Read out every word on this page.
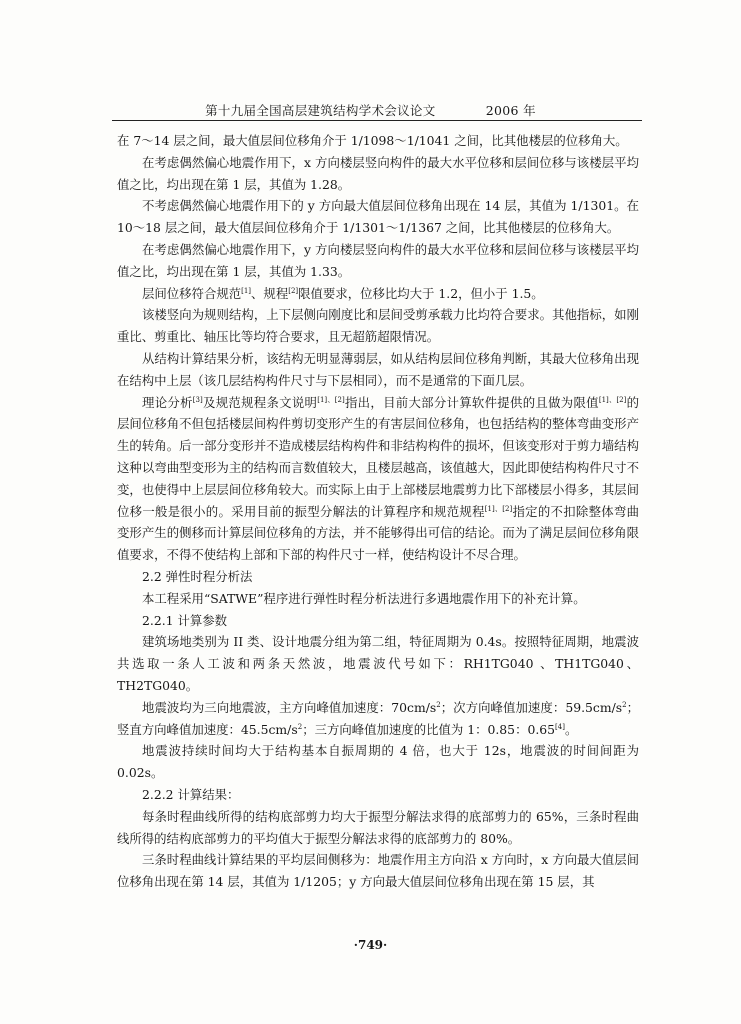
第十九届全国高层建筑结构学术会议论文	2006 年

在 7～14 层之间，最大值层间位移角介于 1/1098～1/1041 之间，比其他楼层的位移角大。

在考虑偶然偏心地震作用下，x 方向楼层竖向构件的最大水平位移和层间位移与该楼层平均值之比，均出现在第 1 层，其值为 1.28。

不考虑偶然偏心地震作用下的 y 方向最大值层间位移角出现在 14 层，其值为 1/1301。在 10～18 层之间，最大值层间位移角介于 1/1301～1/1367 之间，比其他楼层的位移角大。

在考虑偶然偏心地震作用下，y 方向楼层竖向构件的最大水平位移和层间位移与该楼层平均值之比，均出现在第 1 层，其值为 1.33。

层间位移符合规范[1]、规程[2]限值要求，位移比均大于 1.2，但小于 1.5。

该楼竖向为规则结构，上下层侧向刚度比和层间受剪承载力比均符合要求。其他指标，如刚重比、剪重比、轴压比等均符合要求，且无超筋超限情况。

从结构计算结果分析，该结构无明显薄弱层，如从结构层间位移角判断，其最大位移角出现在结构中上层（该几层结构构件尺寸与下层相同），而不是通常的下面几层。

理论分析[3]及规范规程条文说明[1]、[2]指出，目前大部分计算软件提供的且做为限值[1]、[2]的层间位移角不但包括楼层间构件剪切变形产生的有害层间位移角，也包括结构的整体弯曲变形产生的转角。后一部分变形并不造成楼层结构构件和非结构构件的损坏，但该变形对于剪力墙结构这种以弯曲型变形为主的结构而言数值较大，且楼层越高，该值越大，因此即使结构构件尺寸不变，也使得中上层层间位移角较大。而实际上由于上部楼层地震剪力比下部楼层小得多，其层间位移一般是很小的。采用目前的振型分解法的计算程序和规范规程[1]、[2]指定的不扣除整体弯曲变形产生的侧移而计算层间位移角的方法，并不能够得出可信的结论。而为了满足层间位移角限值要求，不得不使结构上部和下部的构件尺寸一样，使结构设计不尽合理。

2.2 弹性时程分析法

本工程采用“SATWE”程序进行弹性时程分析法进行多遇地震作用下的补充计算。

2.2.1 计算参数

建筑场地类别为 II 类、设计地震分组为第二组，特征周期为 0.4s。按照特征周期，地震波共选取一条人工波和两条天然波，地震波代号如下：RH1TG040 、TH1TG040、TH2TG040。

地震波均为三向地震波，主方向峰值加速度：$70cm/s^2$；次方向峰值加速度：$59.5cm/s^2$；竖直方向峰值加速度：$45.5cm/s^2$；三方向峰值加速度的比值为 1：0.85：0.65[4]。

地震波持续时间均大于结构基本自振周期的 4 倍，也大于 12s，地震波的时间间距为 0.02s。

2.2.2 计算结果：

每条时程曲线所得的结构底部剪力均大于振型分解法求得的底部剪力的 65%，三条时程曲线所得的结构底部剪力的平均值大于振型分解法求得的底部剪力的 80%。

三条时程曲线计算结果的平均层间侧移为：地震作用主方向沿 x 方向时，x 方向最大值层间位移角出现在第 14 层，其值为 1/1205；y 方向最大值层间位移角出现在第 15 层，其

·749·
